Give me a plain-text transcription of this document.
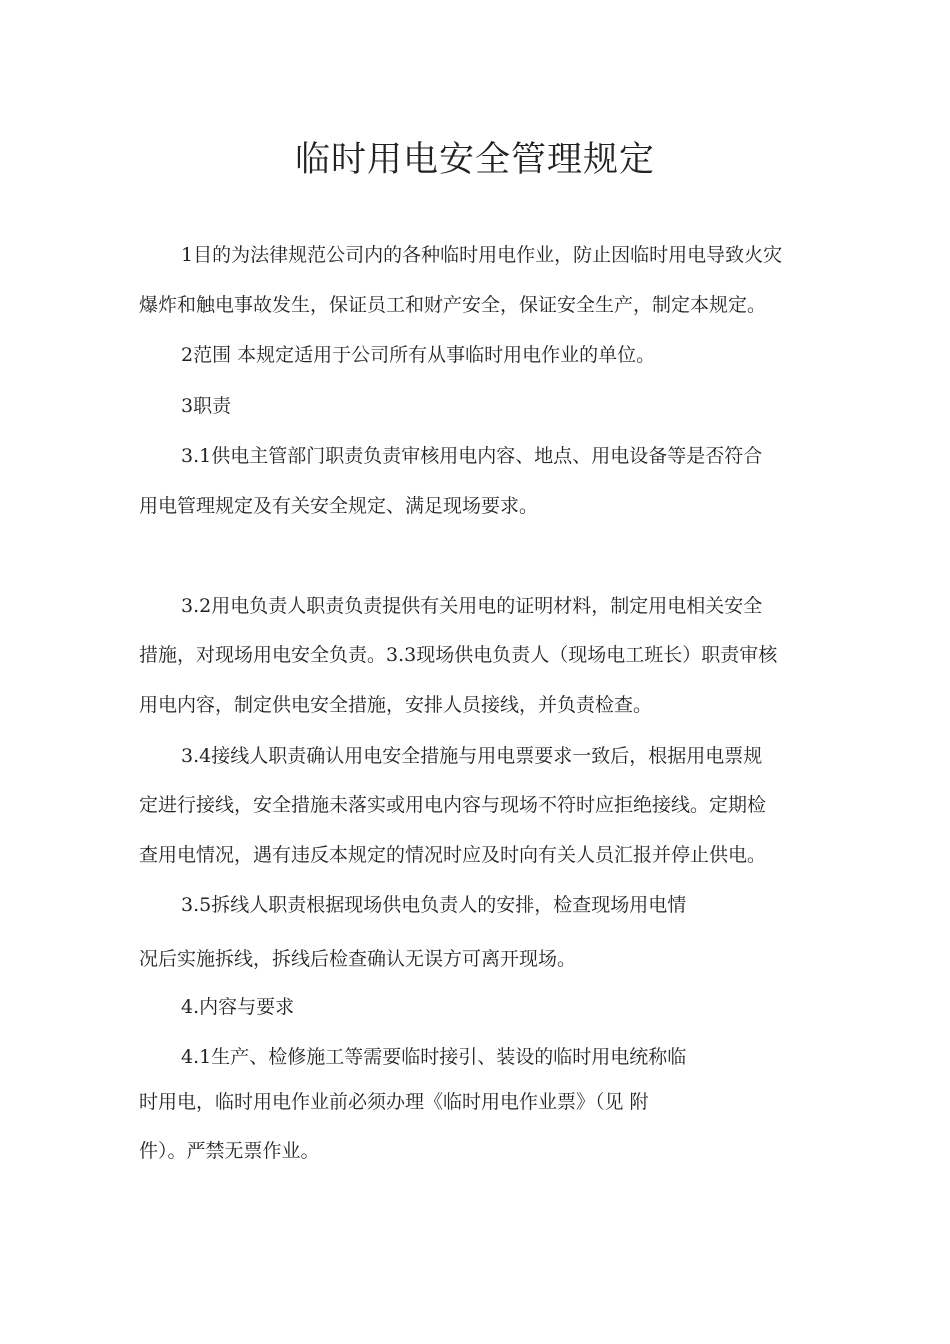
临时用电安全管理规定
1目的为法律规范公司内的各种临时用电作业，防止因临时用电导致火灾
爆炸和触电事故发生，保证员工和财产安全，保证安全生产，制定本规定。
2范围 本规定适用于公司所有从事临时用电作业的单位。
3职责
3.1供电主管部门职责负责审核用电内容、地点、用电设备等是否符合
用电管理规定及有关安全规定、满足现场要求。
3.2用电负责人职责负责提供有关用电的证明材料，制定用电相关安全
措施，对现场用电安全负责。3.3现场供电负责人（现场电工班长）职责审核
用电内容，制定供电安全措施，安排人员接线，并负责检查。
3.4接线人职责确认用电安全措施与用电票要求一致后，根据用电票规
定进行接线，安全措施未落实或用电内容与现场不符时应拒绝接线。定期检
查用电情况，遇有违反本规定的情况时应及时向有关人员汇报并停止供电。
3.5拆线人职责根据现场供电负责人的安排，检查现场用电情
况后实施拆线，拆线后检查确认无误方可离开现场。
4.内容与要求
4.1生产、检修施工等需要临时接引、装设的临时用电统称临
时用电，临时用电作业前必须办理《临时用电作业票》（见 附
件）。严禁无票作业。
